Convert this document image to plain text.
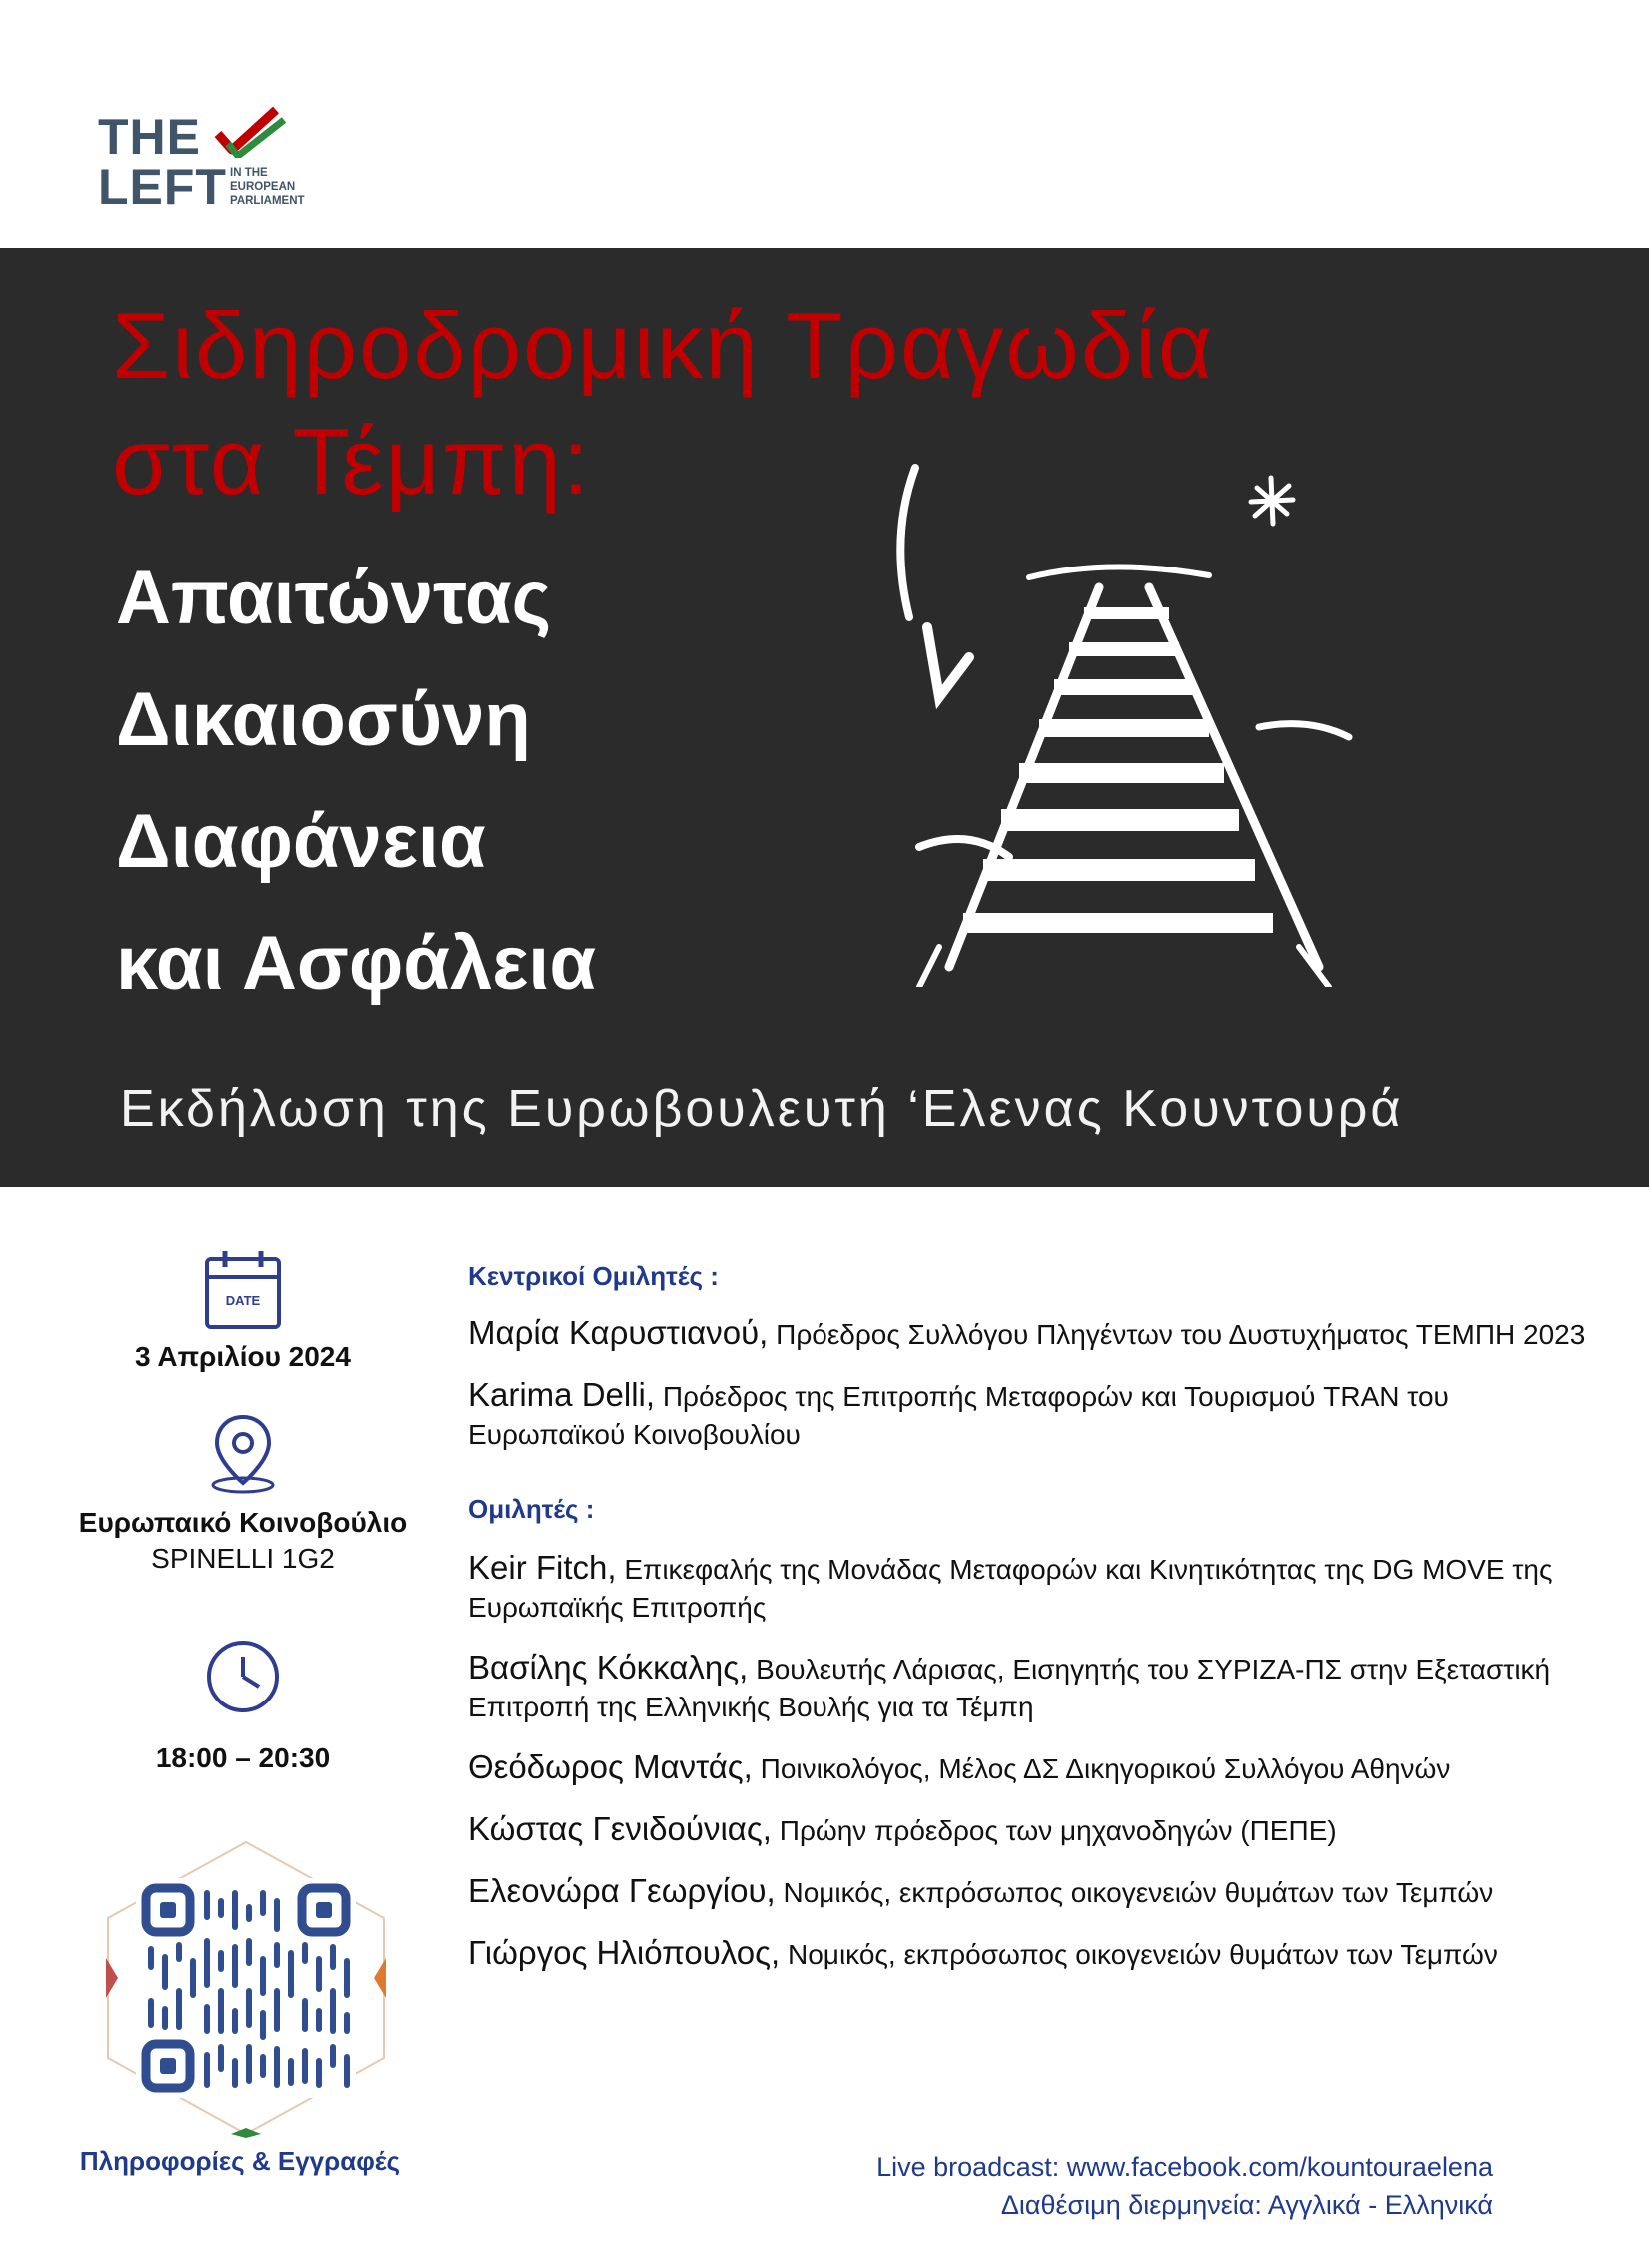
THE
LEFT IN THE
EUROPEAN
PARLIAMENT
Σιδηροδρομική Τραγωδία
στα Τέμπη:
Απαιτώντας
Δικαιοσύνη
Διαφάνεια
και Ασφάλεια
Εκδήλωση της Ευρωβουλευτή ‘Ελενας Κουντουρά
DATE
3 Απριλίου 2024
Ευρωπαικό Κοινοβούλιο
SPINELLI 1G2
18:00 – 20:30
Πληροφορίες & Εγγραφές

Κεντρικοί Ομιλητές :

Μαρία Καρυστιανού, Πρόεδρος Συλλόγου Πληγέντων του Δυστυχήματος ΤΕΜΠΗ 2023

Karima Delli, Πρόεδρος της Επιτροπής Μεταφορών και Τουρισμού TRAN του Ευρωπαϊκού Κοινοβουλίου

Ομιλητές :

Keir Fitch, Επικεφαλής της Μονάδας Μεταφορών και Κινητικότητας της DG MOVE της Ευρωπαϊκής Επιτροπής

Βασίλης Κόκκαλης, Βουλευτής Λάρισας, Εισηγητής του ΣΥΡΙΖΑ-ΠΣ στην Εξεταστική Επιτροπή της Ελληνικής Βουλής για τα Τέμπη

Θεόδωρος Μαντάς, Ποινικολόγος, Μέλος ΔΣ Δικηγορικού Συλλόγου Αθηνών

Κώστας Γενιδούνιας, Πρώην πρόεδρος των μηχανοδηγών (ΠΕΠΕ)

Ελεονώρα Γεωργίου, Νομικός, εκπρόσωπος οικογενειών θυμάτων των Τεμπών

Γιώργος Ηλιόπουλος, Νομικός, εκπρόσωπος οικογενειών θυμάτων των Τεμπών

Live broadcast: www.facebook.com/kountouraelena
Διαθέσιμη διερμηνεία: Αγγλικά - Ελληνικά
